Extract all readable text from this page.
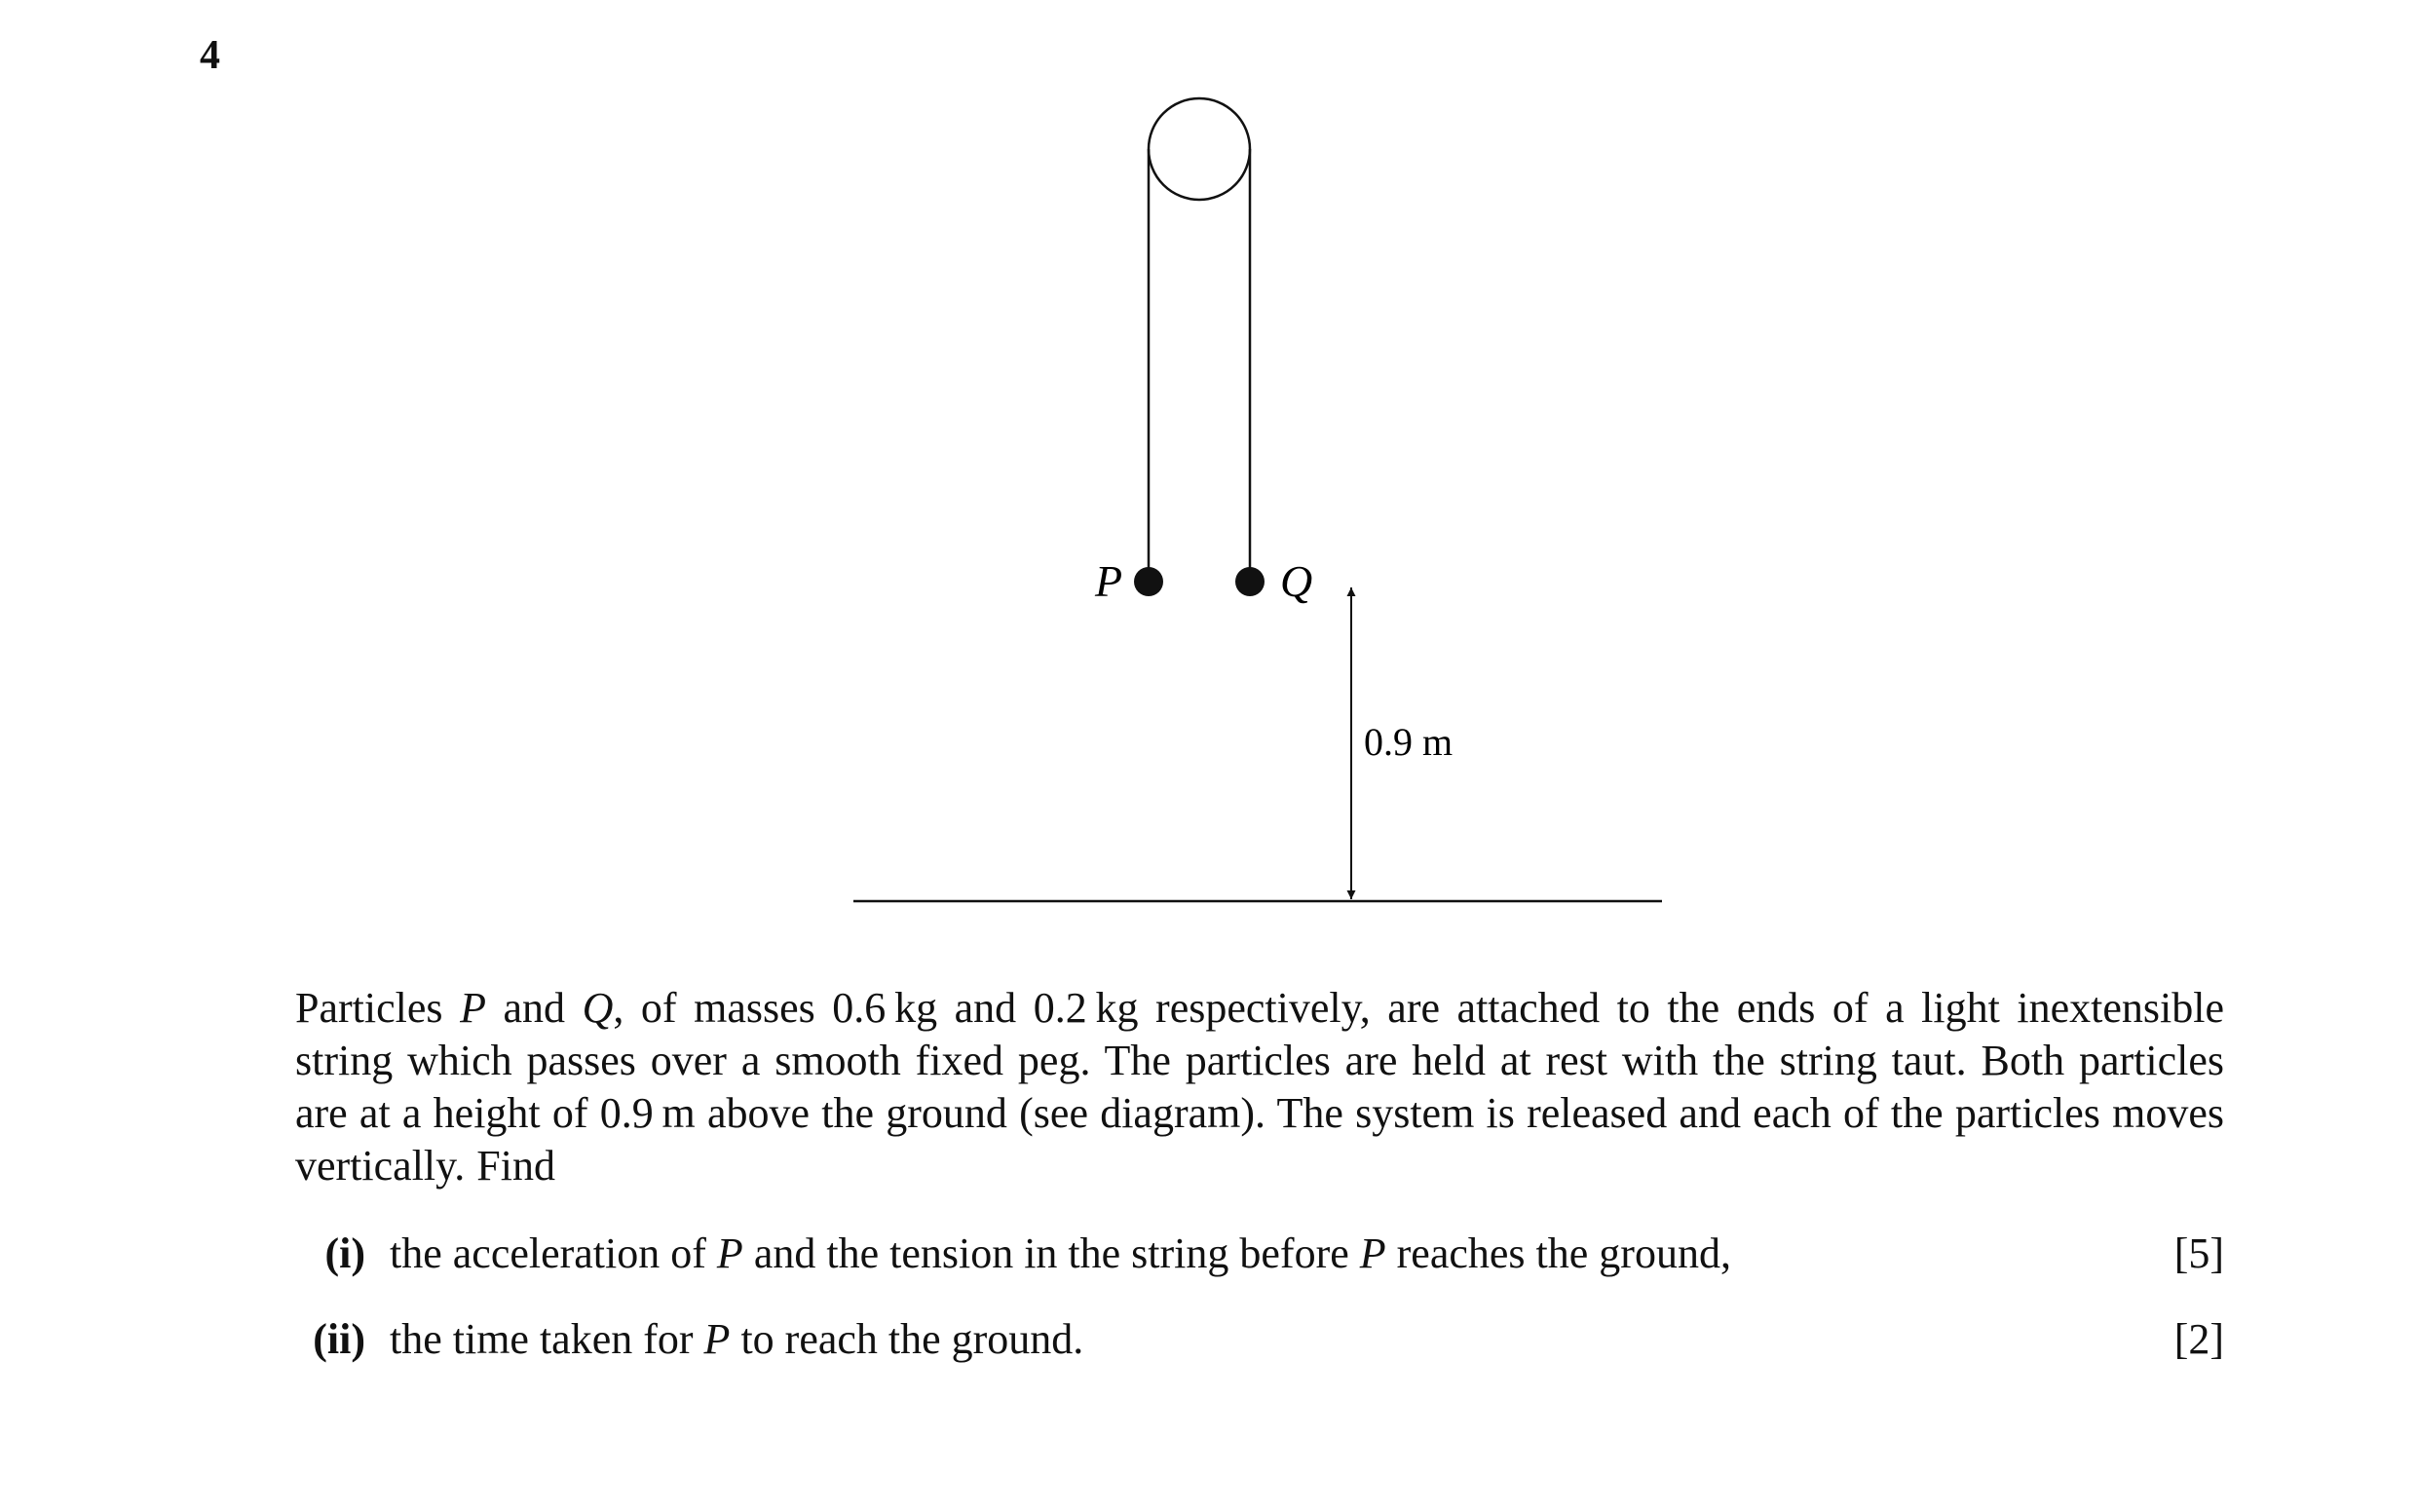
4
P	Q
0.9 m
Particles P and Q, of masses 0.6 kg and 0.2 kg respectively, are attached to the ends of a light inextensible string which passes over a smooth fixed peg. The particles are held at rest with the string taut. Both particles are at a height of 0.9 m above the ground (see diagram). The system is released and each of the particles moves vertically. Find
(i) the acceleration of P and the tension in the string before P reaches the ground,	[5]
(ii) the time taken for P to reach the ground.	[2]
